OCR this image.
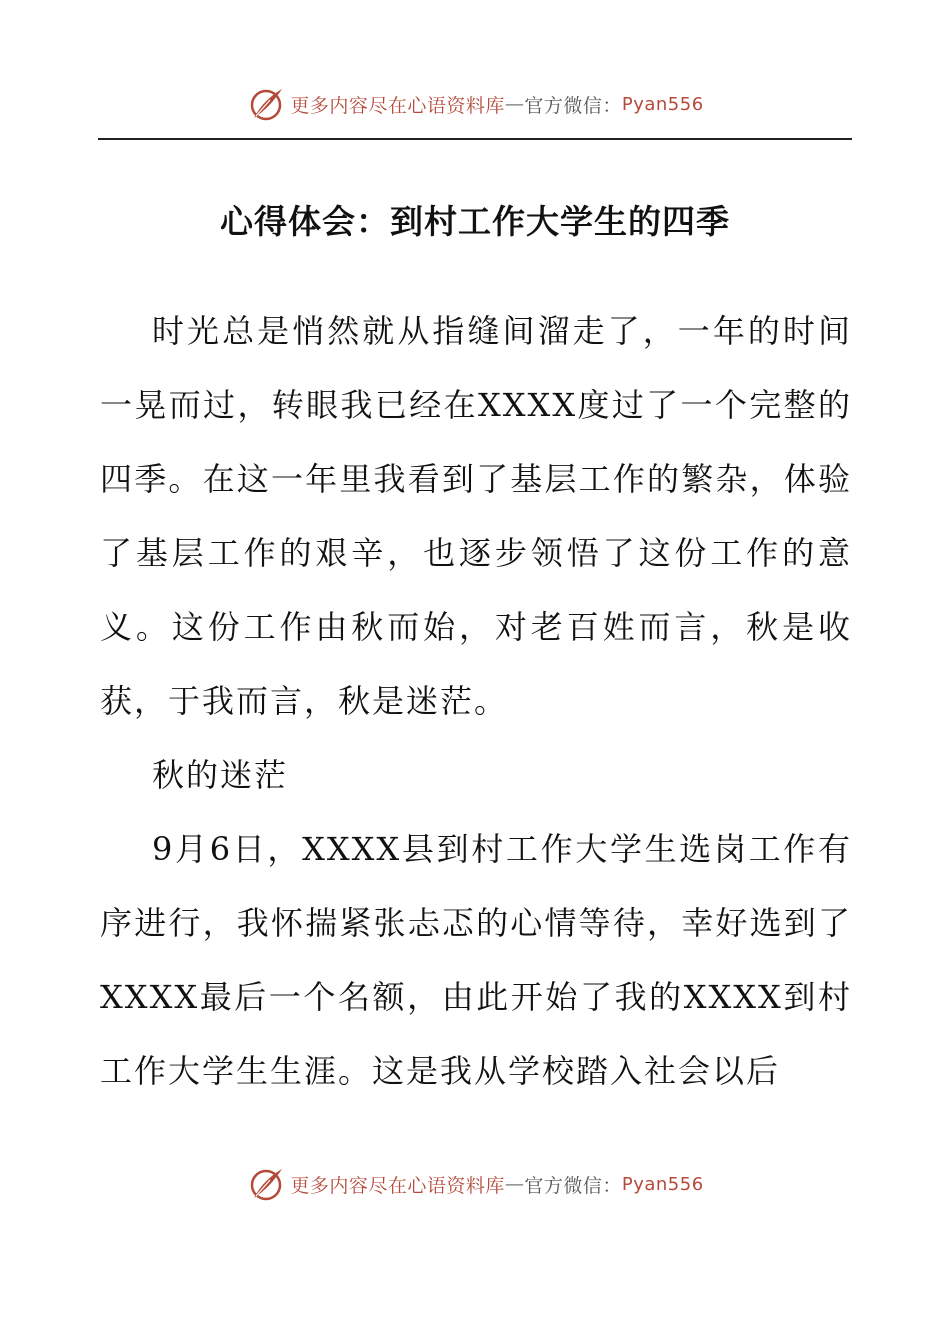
更多内容尽在心语资料库 — 官方微信： Pyan556
心得体会：到村工作大学生的四季

时光总是悄然就从指缝间溜走了，一年的时间一晃而过，转眼我已经在XXXX度过了一个完整的四季。在这一年里我看到了基层工作的繁杂，体验了基层工作的艰辛，也逐步领悟了这份工作的意义。这份工作由秋而始，对老百姓而言，秋是收获，于我而言，秋是迷茫。

秋的迷茫

9月6日，XXXX县到村工作大学生选岗工作有序进行，我怀揣紧张忐忑的心情等待，幸好选到了XXXX最后一个名额，由此开始了我的XXXX到村工作大学生生涯。这是我从学校踏入社会以后

更多内容尽在心语资料库 — 官方微信： Pyan556
